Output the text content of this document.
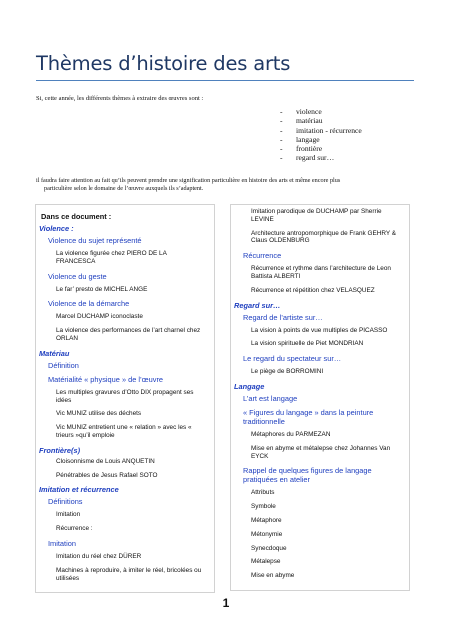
Thèmes d’histoire des arts

Si, cette année, les différents thèmes à extraire des œuvres sont :

- violence
- matériau
- imitation - récurrence
- langage
- frontière
- regard sur…

il faudra faire attention au fait qu’ils peuvent prendre une signification particulière en histoire des arts et même encore plus
particulière selon le domaine de l’œuvre auxquels ils s’adaptent.

Dans ce document :
Violence :
Violence du sujet représenté
La violence figurée chez PIERO DE LA FRANCESCA
Violence du geste
Le far’ presto de MICHEL ANGE
Violence de la démarche
Marcel DUCHAMP iconoclaste
La violence des performances de l’art charnel chez ORLAN
Matériau
Définition
Matérialité « physique » de l’œuvre
Les multiples gravures d’Otto DIX propagent ses idées
Vic MUNIZ utilise des déchets
Vic MUNIZ entretient une « relation » avec les « trieurs »qu’il emploie
Frontière(s)
Cloisonnisme de Louis ANQUETIN
Pénétrables de Jesus Rafael SOTO
Imitation et récurrence
Définitions
Imitation
Récurrence :
Imitation
Imitation du réel chez DÜRER
Machines à reproduire, à imiter le réel, bricolées ou utilisées
Imitation parodique de DUCHAMP par Sherrie LEVINE
Architecture antropomorphique de Frank GEHRY & Claus OLDENBURG
Récurrence
Récurrence et rythme dans l’architecture de Leon Battista ALBERTI
Récurrence et répétition chez VELASQUEZ
Regard sur…
Regard de l’artiste sur…
La vision à points de vue multiples de PICASSO
La vision spirituelle de Piet MONDRIAN
Le regard du spectateur sur…
Le piège de BORROMINI
Langage
L’art est langage
« Figures du langage » dans la peinture traditionnelle
Métaphores du PARMEZAN
Mise en abyme et métalepse chez Johannes Van EYCK
Rappel de quelques figures de langage pratiquées en atelier
Attributs
Symbole
Métaphore
Métonymie
Synecdoque
Métalepse
Mise en abyme
1
